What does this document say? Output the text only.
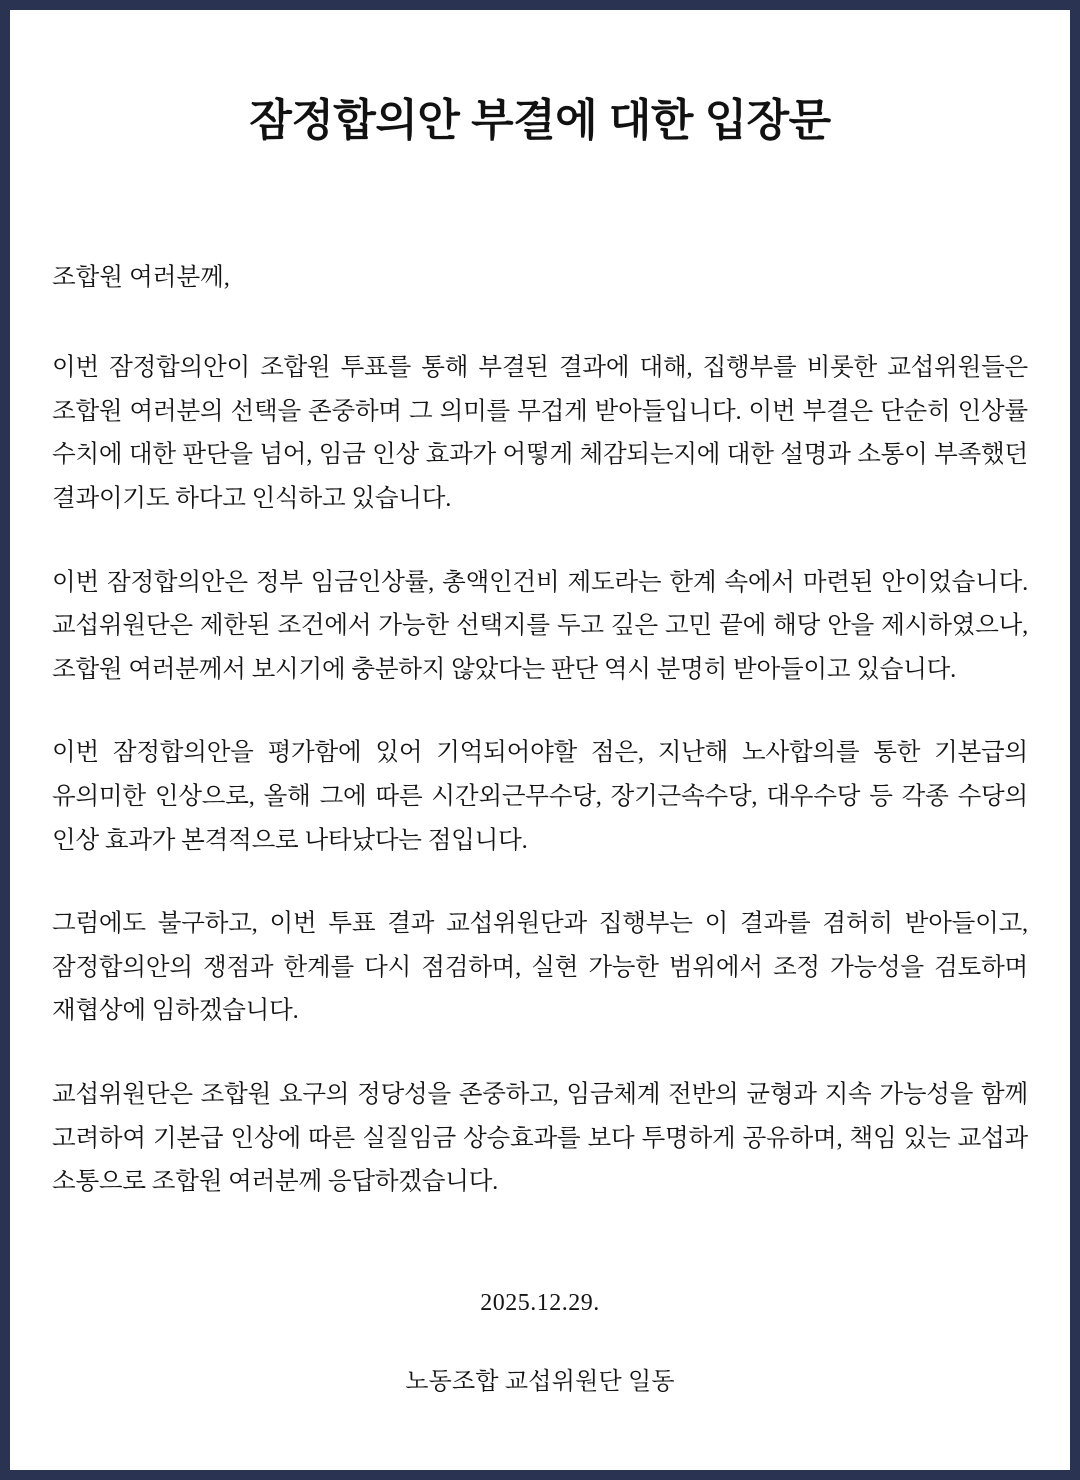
잠정합의안 부결에 대한 입장문

조합원 여러분께,

이번 잠정합의안이 조합원 투표를 통해 부결된 결과에 대해, 집행부를 비롯한 교섭위원들은 조합원 여러분의 선택을 존중하며 그 의미를 무겁게 받아들입니다. 이번 부결은 단순히 인상률 수치에 대한 판단을 넘어, 임금 인상 효과가 어떻게 체감되는지에 대한 설명과 소통이 부족했던 결과이기도 하다고 인식하고 있습니다.

이번 잠정합의안은 정부 임금인상률, 총액인건비 제도라는 한계 속에서 마련된 안이었습니다. 교섭위원단은 제한된 조건에서 가능한 선택지를 두고 깊은 고민 끝에 해당 안을 제시하였으나, 조합원 여러분께서 보시기에 충분하지 않았다는 판단 역시 분명히 받아들이고 있습니다.

이번 잠정합의안을 평가함에 있어 기억되어야할 점은, 지난해 노사합의를 통한 기본급의 유의미한 인상으로, 올해 그에 따른 시간외근무수당, 장기근속수당, 대우수당 등 각종 수당의 인상 효과가 본격적으로 나타났다는 점입니다.

그럼에도 불구하고, 이번 투표 결과 교섭위원단과 집행부는 이 결과를 겸허히 받아들이고, 잠정합의안의 쟁점과 한계를 다시 점검하며, 실현 가능한 범위에서 조정 가능성을 검토하며 재협상에 임하겠습니다.

교섭위원단은 조합원 요구의 정당성을 존중하고, 임금체계 전반의 균형과 지속 가능성을 함께 고려하여 기본급 인상에 따른 실질임금 상승효과를 보다 투명하게 공유하며, 책임 있는 교섭과 소통으로 조합원 여러분께 응답하겠습니다.

2025.12.29.

노동조합 교섭위원단 일동
